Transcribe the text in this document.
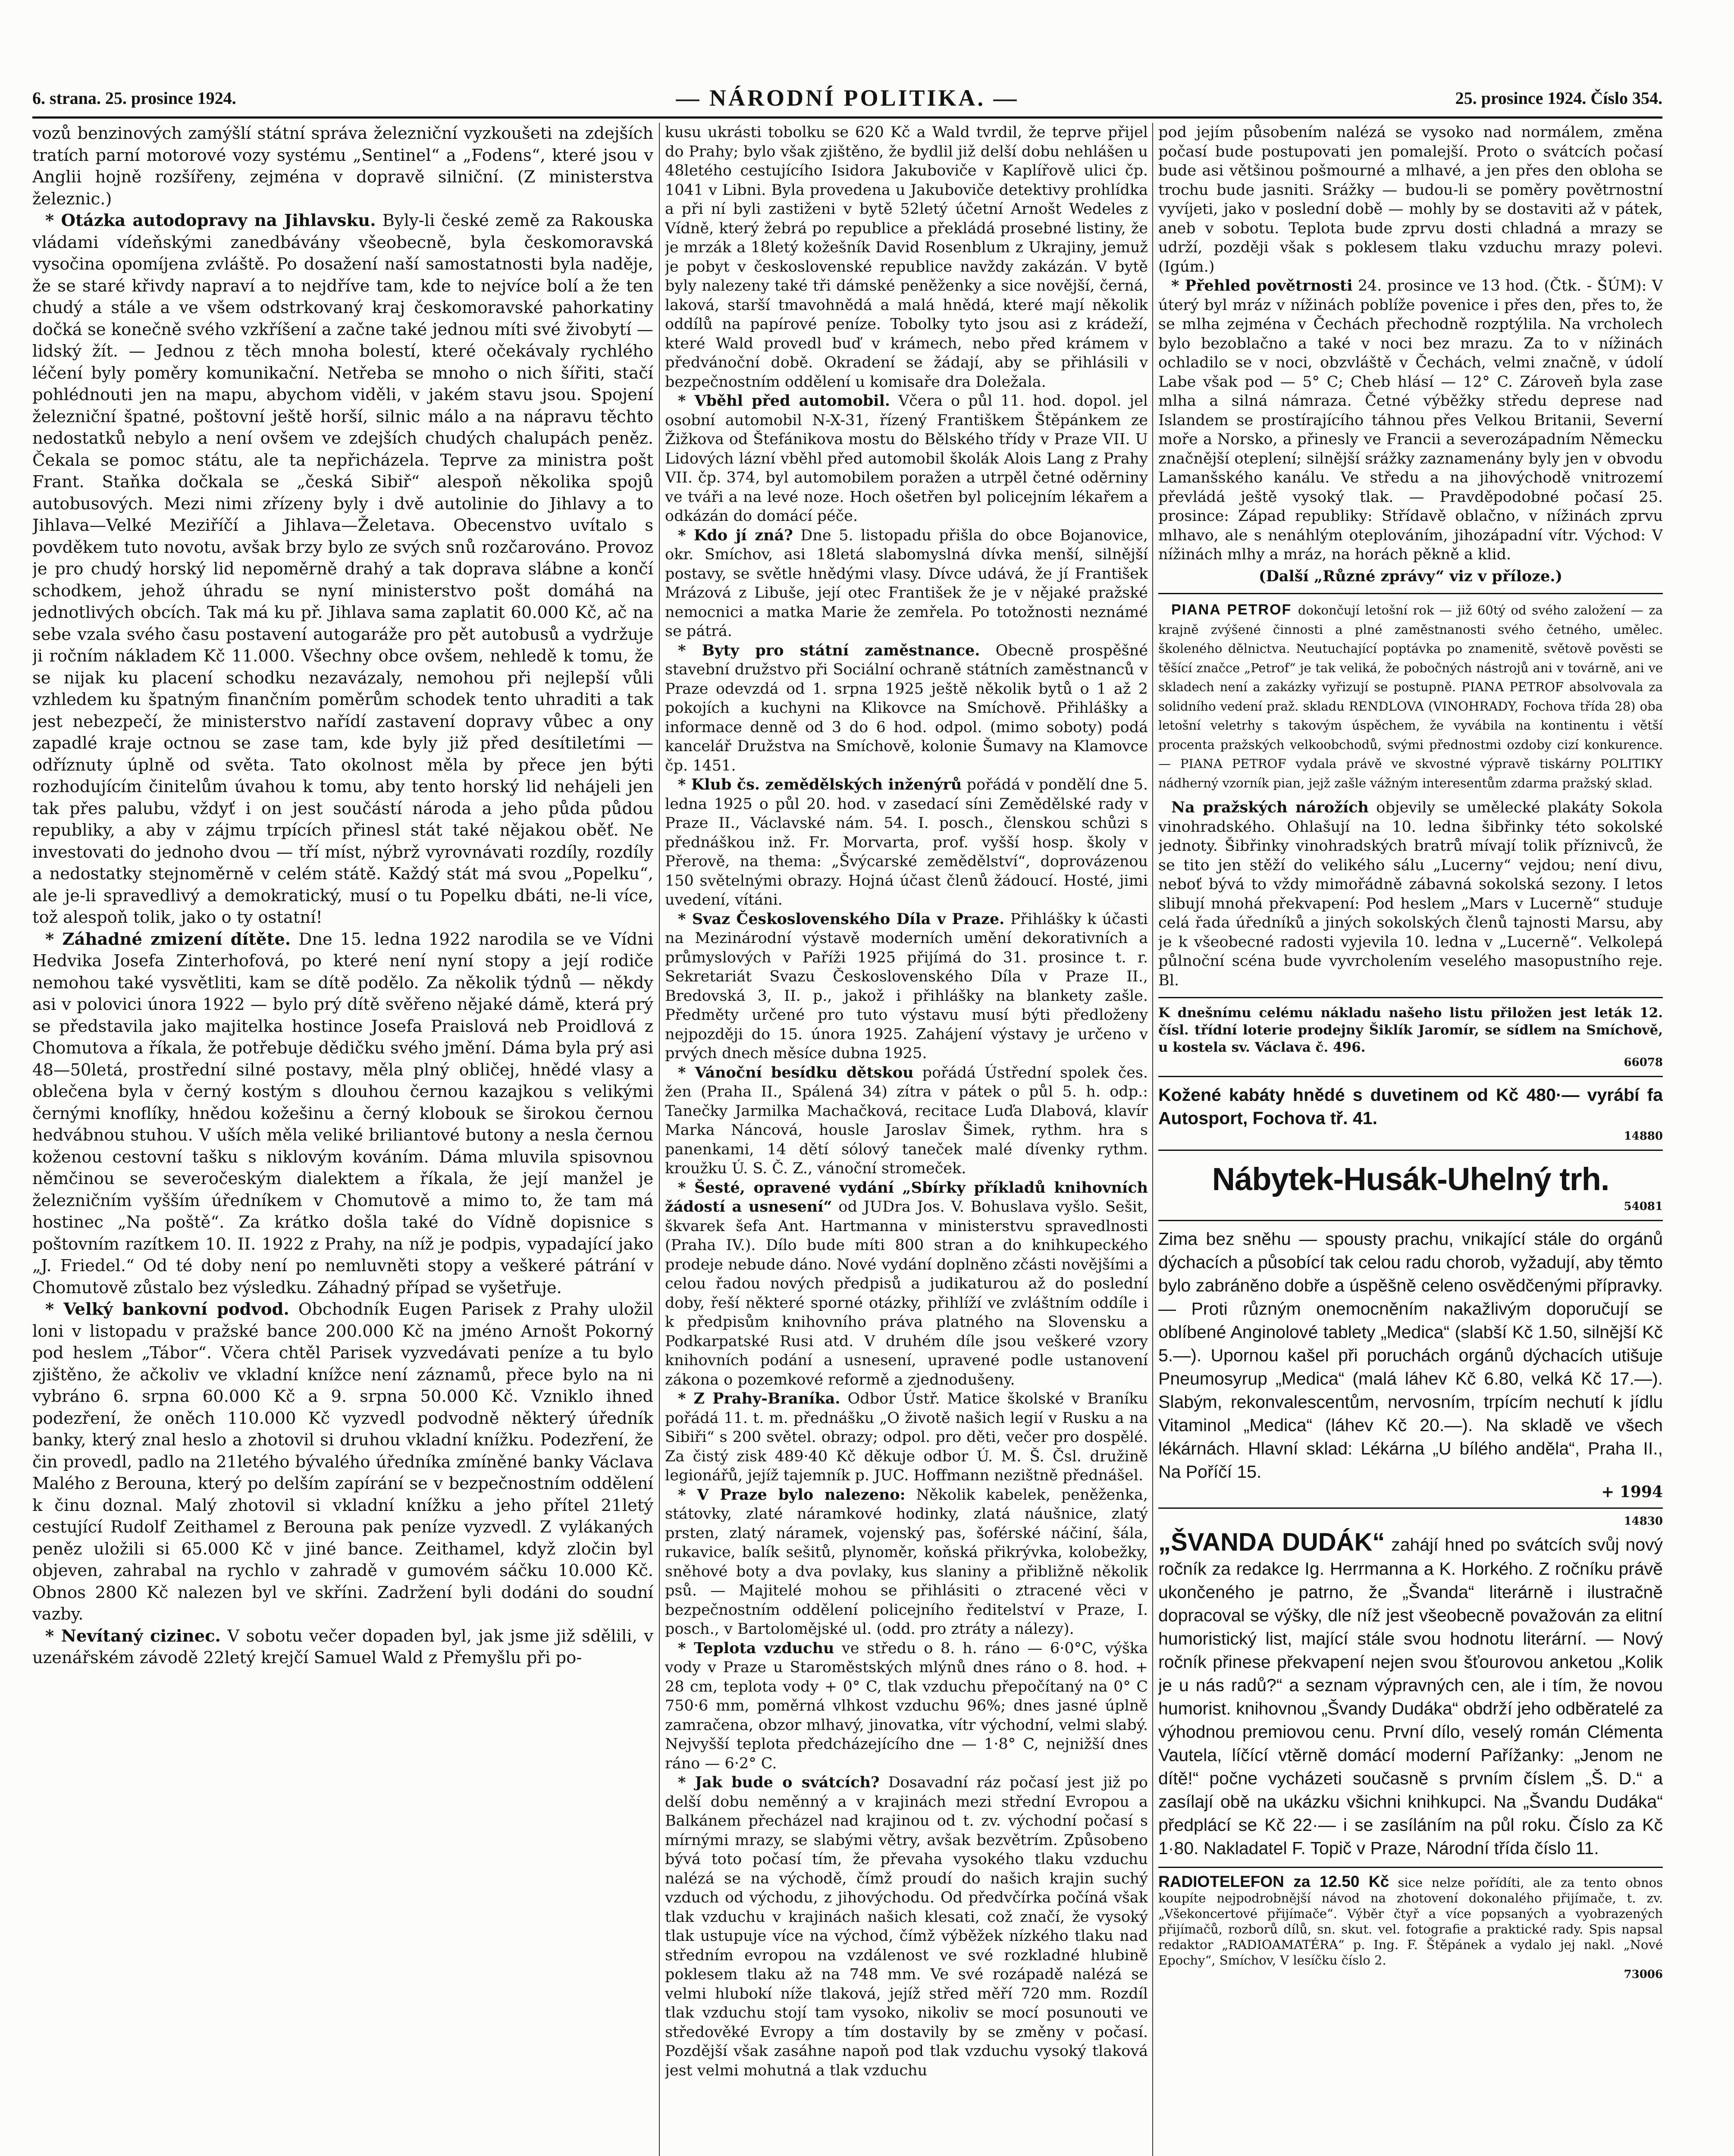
6. strana. 25. prosince 1924.	— NÁRODNÍ POLITIKA. —	25. prosince 1924. Číslo 354.

vozů benzinových zamýšlí státní správa železniční vyzkoušeti na zdejších tratích parní motorové vozy systému „Sentinel“ a „Fodens“, které jsou v Anglii hojně rozšířeny, zejména v dopravě silniční. (Z ministerstva železnic.)

* Otázka autodopravy na Jihlavsku. Byly-li české země za Rakouska vládami vídeňskými zanedbávány všeobecně, byla českomoravská vysočina opomíjena zvláště. Po dosažení naší samostatnosti byla naděje, že se staré křivdy napraví a to nejdříve tam, kde to nejvíce bolí a že ten chudý a stále a ve všem odstrkovaný kraj českomoravské pahorkatiny dočká se konečně svého vzkříšení a začne také jednou míti své živobytí — lidský žít. — Jednou z těch mnoha bolestí, které očekávaly rychlého léčení byly poměry komunikační. Netřeba se mnoho o nich šířiti, stačí pohlédnouti jen na mapu, abychom viděli, v jakém stavu jsou. Spojení železniční špatné, poštovní ještě horší, silnic málo a na nápravu těchto nedostatků nebylo a není ovšem ve zdejších chudých chalupách peněz. Čekala se pomoc státu, ale ta nepřicházela. Teprve za ministra pošt Frant. Staňka dočkala se „česká Sibiř“ alespoň několika spojů autobusových. Mezi nimi zřízeny byly i dvě autolinie do Jihlavy a to Jihlava—Velké Meziříčí a Jihlava—Želetava. Obecenstvo uvítalo s povděkem tuto novotu, avšak brzy bylo ze svých snů rozčarováno. Provoz je pro chudý horský lid nepoměrně drahý a tak doprava slábne a končí schodkem, jehož úhradu se nyní ministerstvo pošt domáhá na jednotlivých obcích. Tak má ku př. Jihlava sama zaplatit 60.000 Kč, ač na sebe vzala svého času postavení autogaráže pro pět autobusů a vydržuje ji ročním nákladem Kč 11.000. Všechny obce ovšem, nehledě k tomu, že se nijak ku placení schodku nezavázaly, nemohou při nejlepší vůli vzhledem ku špatným finančním poměrům schodek tento uhraditi a tak jest nebezpečí, že ministerstvo nařídí zastavení dopravy vůbec a ony zapadlé kraje octnou se zase tam, kde byly již před desítiletími — odříznuty úplně od světa. Tato okolnost měla by přece jen býti rozhodujícím činitelům úvahou k tomu, aby tento horský lid nehájeli jen tak přes palubu, vždyť i on jest součástí národa a jeho půda půdou republiky, a aby v zájmu trpících přinesl stát také nějakou oběť. Ne investovati do jednoho dvou — tří míst, nýbrž vyrovnávati rozdíly, rozdíly a nedostatky stejnoměrně v celém státě. Každý stát má svou „Popelku“, ale je-li spravedlivý a demokratický, musí o tu Popelku dbáti, ne-li více, tož alespoň tolik, jako o ty ostatní!

* Záhadné zmizení dítěte. Dne 15. ledna 1922 narodila se ve Vídni Hedvika Josefa Zinterhofová, po které není nyní stopy a její rodiče nemohou také vysvětliti, kam se dítě podělo. Za několik týdnů — někdy asi v polovici února 1922 — bylo prý dítě svěřeno nějaké dámě, která prý se představila jako majitelka hostince Josefa Praislová neb Proidlová z Chomutova a říkala, že potřebuje dědičku svého jmění. Dáma byla prý asi 48—50letá, prostřední silné postavy, měla plný obličej, hnědé vlasy a oblečena byla v černý kostým s dlouhou černou kazajkou s velikými černými knoflíky, hnědou kožešinu a černý klobouk se širokou černou hedvábnou stuhou. V uších měla veliké briliantové butony a nesla černou koženou cestovní tašku s niklovým kováním. Dáma mluvila spisovnou němčinou se severočeským dialektem a říkala, že její manžel je železničním vyšším úředníkem v Chomutově a mimo to, že tam má hostinec „Na poště“. Za krátko došla také do Vídně dopisnice s poštovním razítkem 10. II. 1922 z Prahy, na níž je podpis, vypadající jako „J. Friedel.“ Od té doby není po nemluvněti stopy a veškeré pátrání v Chomutově zůstalo bez výsledku. Záhadný případ se vyšetřuje.

* Velký bankovní podvod. Obchodník Eugen Parisek z Prahy uložil loni v listopadu v pražské bance 200.000 Kč na jméno Arnošt Pokorný pod heslem „Tábor“. Včera chtěl Parisek vyzvedávati peníze a tu bylo zjištěno, že ačkoliv ve vkladní knížce není záznamů, přece bylo na ni vybráno 6. srpna 60.000 Kč a 9. srpna 50.000 Kč. Vzniklo ihned podezření, že oněch 110.000 Kč vyzvedl podvodně některý úředník banky, který znal heslo a zhotovil si druhou vkladní knížku. Podezření, že čin provedl, padlo na 21letého bývalého úředníka zmíněné banky Václava Malého z Berouna, který po delším zapírání se v bezpečnostním oddělení k činu doznal. Malý zhotovil si vkladní knížku a jeho přítel 21letý cestující Rudolf Zeithamel z Berouna pak peníze vyzvedl. Z vylákaných peněz uložili si 65.000 Kč v jiné bance. Zeithamel, když zločin byl objeven, zahrabal na rychlo v zahradě v gumovém sáčku 10.000 Kč. Obnos 2800 Kč nalezen byl ve skříni. Zadržení byli dodáni do soudní vazby.

* Nevítaný cizinec. V sobotu večer dopaden byl, jak jsme již sdělili, v uzenářském závodě 22letý krejčí Samuel Wald z Přemyšlu při po-

kusu ukrásti tobolku se 620 Kč a Wald tvrdil, že teprve přijel do Prahy; bylo však zjištěno, že bydlil již delší dobu nehlášen u 48letého cestujícího Isidora Jakuboviče v Kaplířově ulici čp. 1041 v Libni. Byla provedena u Jakuboviče detektivy prohlídka a při ní byli zastiženi v bytě 52letý účetní Arnošt Wedeles z Vídně, který žebrá po republice a překládá prosebné listiny, že je mrzák a 18letý kožešník David Rosenblum z Ukrajiny, jemuž je pobyt v československé republice navždy zakázán. V bytě byly nalezeny také tři dámské peněženky a sice novější, černá, laková, starší tmavohnědá a malá hnědá, které mají několik oddílů na papírové peníze. Tobolky tyto jsou asi z krádeží, které Wald provedl buď v krámech, nebo před krámem v předvánoční době. Okradení se žádají, aby se přihlásili v bezpečnostním oddělení u komisaře dra Doležala.

* Vběhl před automobil. Včera o půl 11. hod. dopol. jel osobní automobil N-X-31, řízený Františkem Štěpánkem ze Žižkova od Štefánikova mostu do Bělského třídy v Praze VII. U Lidových lázní vběhl před automobil školák Alois Lang z Prahy VII. čp. 374, byl automobilem poražen a utrpěl četné oděrniny ve tváři a na levé noze. Hoch ošetřen byl policejním lékařem a odkázán do domácí péče.

* Kdo jí zná? Dne 5. listopadu přišla do obce Bojanovice, okr. Smíchov, asi 18letá slabomyslná dívka menší, silnější postavy, se světle hnědými vlasy. Dívce udává, že jí František Mrázová z Libuše, její otec František že je v nějaké pražské nemocnici a matka Marie že zemřela. Po totožnosti neznámé se pátrá.

* Byty pro státní zaměstnance. Obecně prospěšné stavební družstvo při Sociální ochraně státních zaměstnanců v Praze odevzdá od 1. srpna 1925 ještě několik bytů o 1 až 2 pokojích a kuchyni na Klikovce na Smíchově. Přihlášky a informace denně od 3 do 6 hod. odpol. (mimo soboty) podá kancelář Družstva na Smíchově, kolonie Šumavy na Klamovce čp. 1451.

* Klub čs. zemědělských inženýrů pořádá v pondělí dne 5. ledna 1925 o půl 20. hod. v zasedací síni Zemědělské rady v Praze II., Václavské nám. 54. I. posch., členskou schůzi s přednáškou inž. Fr. Morvarta, prof. vyšší hosp. školy v Přerově, na thema: „Švýcarské zemědělství“, doprovázenou 150 světelnými obrazy. Hojná účast členů žádoucí. Hosté, jimi uvedení, vítáni.

* Svaz Československého Díla v Praze. Přihlášky k účasti na Mezinárodní výstavě moderních umění dekorativních a průmyslových v Paříži 1925 přijímá do 31. prosince t. r. Sekretariát Svazu Československého Díla v Praze II., Bredovská 3, II. p., jakož i přihlášky na blankety zašle. Předměty určené pro tuto výstavu musí býti předloženy nejpozději do 15. února 1925. Zahájení výstavy je určeno v prvých dnech měsíce dubna 1925.

* Vánoční besídku dětskou pořádá Ústřední spolek čes. žen (Praha II., Spálená 34) zítra v pátek o půl 5. h. odp.: Tanečky Jarmilka Machačková, recitace Luďa Dlabová, klavír Marka Náncová, housle Jaroslav Šimek, rythm. hra s panenkami, 14 dětí sólový taneček malé dívenky rythm. kroužku Ú. S. Č. Z., vánoční stromeček.

* Šesté, opravené vydání „Sbírky příkladů knihovních žádostí a usnesení“ od JUDra Jos. V. Bohuslava vyšlo. Sešit, škvarek šefa Ant. Hartmanna v ministerstvu spravedlnosti (Praha IV.). Dílo bude míti 800 stran a do knihkupeckého prodeje nebude dáno. Nové vydání doplněno zčásti novějšími a celou řadou nových předpisů a judikaturou až do poslední doby, řeší některé sporné otázky, přihlíží ve zvláštním oddíle i k předpisům knihovního práva platného na Slovensku a Podkarpatské Rusi atd. V druhém díle jsou veškeré vzory knihovních podání a usnesení, upravené podle ustanovení zákona o pozemkové reformě a zjednodušeny.

* Z Prahy-Braníka. Odbor Ústř. Matice školské v Braníku pořádá 11. t. m. přednášku „O životě našich legií v Rusku a na Sibiři“ s 200 světel. obrazy; odpol. pro děti, večer pro dospělé. Za čistý zisk 489·40 Kč děkuje odbor Ú. M. Š. Čsl. družině legionářů, jejíž tajemník p. JUC. Hoffmann nezištně přednášel.

* V Praze bylo nalezeno: Několik kabelek, peněženka, státovky, zlaté náramkové hodinky, zlatá náušnice, zlatý prsten, zlatý náramek, vojenský pas, šoférské náčiní, šála, rukavice, balík sešitů, plynoměr, koňská přikrývka, kolobežky, sněhové boty a dva povlaky, kus slaniny a přibližně několik psů. — Majitelé mohou se přihlásiti o ztracené věci v bezpečnostním oddělení policejního ředitelství v Praze, I. posch., v Bartolomějské ul. (odd. pro ztráty a nálezy).

* Teplota vzduchu ve středu o 8. h. ráno — 6·0°C, výška vody v Praze u Staroměstských mlýnů dnes ráno o 8. hod. + 28 cm, teplota vody + 0° C, tlak vzduchu přepočítaný na 0° C 750·6 mm, poměrná vlhkost vzduchu 96%; dnes jasné úplně zamračena, obzor mlhavý, jinovatka, vítr východní, velmi slabý. Nejvyšší teplota předcházejícího dne — 1·8° C, nejnižší dnes ráno — 6·2° C.

* Jak bude o svátcích? Dosavadní ráz počasí jest již po delší dobu neměnný a v krajinách mezi střední Evropou a Balkánem přecházel nad krajinou od t. zv. východní počasí s mírnými mrazy, se slabými větry, avšak bezvětrím. Způsobeno bývá toto počasí tím, že převaha vysokého tlaku vzduchu nalézá se na východě, čímž proudí do našich krajin suchý vzduch od východu, z jihovýchodu. Od předvčírka počíná však tlak vzduchu v krajinách našich klesati, což značí, že vysoký tlak ustupuje více na východ, čímž výběžek nízkého tlaku nad středním evropou na vzdálenost ve své rozkladné hlubině poklesem tlaku až na 748 mm. Ve své rozápadě nalézá se velmi hlubokí níže tlaková, jejíž střed měří 720 mm. Rozdíl tlak vzduchu stojí tam vysoko, nikoliv se mocí posunouti ve středověké Evropy a tím dostavily by se změny v počasí. Pozdější však zasáhne napoň pod tlak vzduchu vysoký tlaková jest velmi mohutná a tlak vzduchu

pod jejím působením nalézá se vysoko nad normálem, změna počasí bude postupovati jen pomalejší. Proto o svátcích počasí bude asi většinou pošmourné a mlhavé, a jen přes den obloha se trochu bude jasniti. Srážky — budou-li se poměry povětrnostní vyvíjeti, jako v poslední době — mohly by se dostaviti až v pátek, aneb v sobotu. Teplota bude zprvu dosti chladná a mrazy se udrží, později však s poklesem tlaku vzduchu mrazy polevi. (Igúm.)

* Přehled povětrnosti 24. prosince ve 13 hod. (Čtk. - ŠÚM): V úterý byl mráz v nížinách poblíže povenice i přes den, přes to, že se mlha zejména v Čechách přechodně rozptýlila. Na vrcholech bylo bezoblačno a také v noci bez mrazu. Za to v nížinách ochladilo se v noci, obzvláště v Čechách, velmi značně, v údolí Labe však pod — 5° C; Cheb hlásí — 12° C. Zároveň byla zase mlha a silná námraza. Četné výběžky středu deprese nad Islandem se prostírajícího táhnou přes Velkou Britanii, Severní moře a Norsko, a přinesly ve Francii a severozápadním Německu značnější oteplení; silnější srážky zaznamenány byly jen v obvodu Lamanšského kanálu. Ve středu a na jihovýchodě vnitrozemí převládá ještě vysoký tlak. — Pravděpodobné počasí 25. prosince: Západ republiky: Střídavě oblačno, v nížinách zprvu mlhavo, ale s nenáhlým oteplováním, jihozápadní vítr. Východ: V nížinách mlhy a mráz, na horách pěkně a klid.

(Další „Různé zprávy“ viz v příloze.)

PIANA PETROF dokončují letošní rok — již 60tý od svého založení — za krajně zvýšené činnosti a plné zaměstnanosti svého četného, umělec. školeného dělnictva. Neutuchající poptávka po znamenitě, světově pověsti se těšící značce „Petrof“ je tak veliká, že pobočných nástrojů ani v továrně, ani ve skladech není a zakázky vyřizují se postupně. PIANA PETROF absolvovala za solidního vedení praž. skladu RENDLOVA (VINOHRADY, Fochova třída 28) oba letošní veletrhy s takovým úspěchem, že vyvábila na kontinentu i větší procenta pražských velkoobchodů, svými přednostmi ozdoby cizí konkurence. — PIANA PETROF vydala právě ve skvostné výpravě tiskárny POLITIKY nádherný vzorník pian, jejž zašle vážným interesentům zdarma pražský sklad.

Na pražských nárožích objevily se umělecké plakáty Sokola vinohradského. Ohlašují na 10. ledna šibřinky této sokolské jednoty. Šibřinky vinohradských bratrů mívají tolik příznivců, že se tito jen stěží do velikého sálu „Lucerny“ vejdou; není divu, neboť bývá to vždy mimořádně zábavná sokolská sezony. I letos slibují mnohá překvapení: Pod heslem „Mars v Lucerně“ studuje celá řada úředníků a jiných sokolských členů tajnosti Marsu, aby je k všeobecné radosti vyjevila 10. ledna v „Lucerně“. Velkolepá půlnoční scéna bude vyvrcholením veselého masopustního reje. Bl.

K dnešnímu celému nákladu našeho listu přiložen jest leták 12. čísl. třídní loterie prodejny Šiklík Jaromír, se sídlem na Smíchově, u kostela sv. Václava č. 496.
66078
Kožené kabáty hnědé s duvetinem od Kč 480·— vyrábí fa Autosport, Fochova tř. 41.
14880
Nábytek-Husák-Uhelný trh.
54081
Zima bez sněhu — spousty prachu, vnikající stále do orgánů dýchacích a působící tak celou radu chorob, vyžadují, aby těmto bylo zabráněno dobře a úspěšně celeno osvědčenými přípravky. — Proti různým onemocněním nakažlivým doporučují se oblíbené Anginolové tablety „Medica“ (slabší Kč 1.50, silnější Kč 5.—). Upornou kašel při poruchách orgánů dýchacích utišuje Pneumosyrup „Medica“ (malá láhev Kč 6.80, velká Kč 17.—). Slabým, rekonvalescentům, nervosním, trpícím nechutí k jídlu Vitaminol „Medica“ (láhev Kč 20.—). Na skladě ve všech lékárnách. Hlavní sklad: Lékárna „U bílého anděla“, Praha II., Na Poříčí 15.
+ 1994
14830
„ŠVANDA DUDÁK“ zahájí hned po svátcích svůj nový ročník za redakce Ig. Herrmanna a K. Horkého. Z ročníku právě ukončeného je patrno, že „Švanda“ literárně i ilustračně dopracoval se výšky, dle níž jest všeobecně považován za elitní humoristický list, mající stále svou hodnotu literární. — Nový ročník přinese překvapení nejen svou šťourovou anketou „Kolik je u nás radů?“ a seznam výpravných cen, ale i tím, že novou humorist. knihovnou „Švandy Dudáka“ obdrží jeho odběratelé za výhodnou premiovou cenu. První dílo, veselý román Clémenta Vautela, líčící vtěrně domácí moderní Pařížanky: „Jenom ne dítě!“ počne vycházeti současně s prvním číslem „Š. D.“ a zasílají obě na ukázku všichni knihkupci. Na „Švandu Dudáka“ předplácí se Kč 22·— i se zasíláním na půl roku. Číslo za Kč 1·80. Nakladatel F. Topič v Praze, Národní třída číslo 11.
RADIOTELEFON za 12.50 Kč sice nelze pořídíti, ale za tento obnos koupíte nejpodrobnější návod na zhotovení dokonalého přijímače, t. zv. „Všekoncertové přijímače“. Výběr čtyř a více popsaných a vyobrazených přijímačů, rozborů dílů, sn. skut. vel. fotografie a praktické rady. Spis napsal redaktor „RADIOAMATÉRA“ p. Ing. F. Štěpánek a vydalo jej nakl. „Nové Epochy“, Smíchov, V lesíčku číslo 2.
73006
